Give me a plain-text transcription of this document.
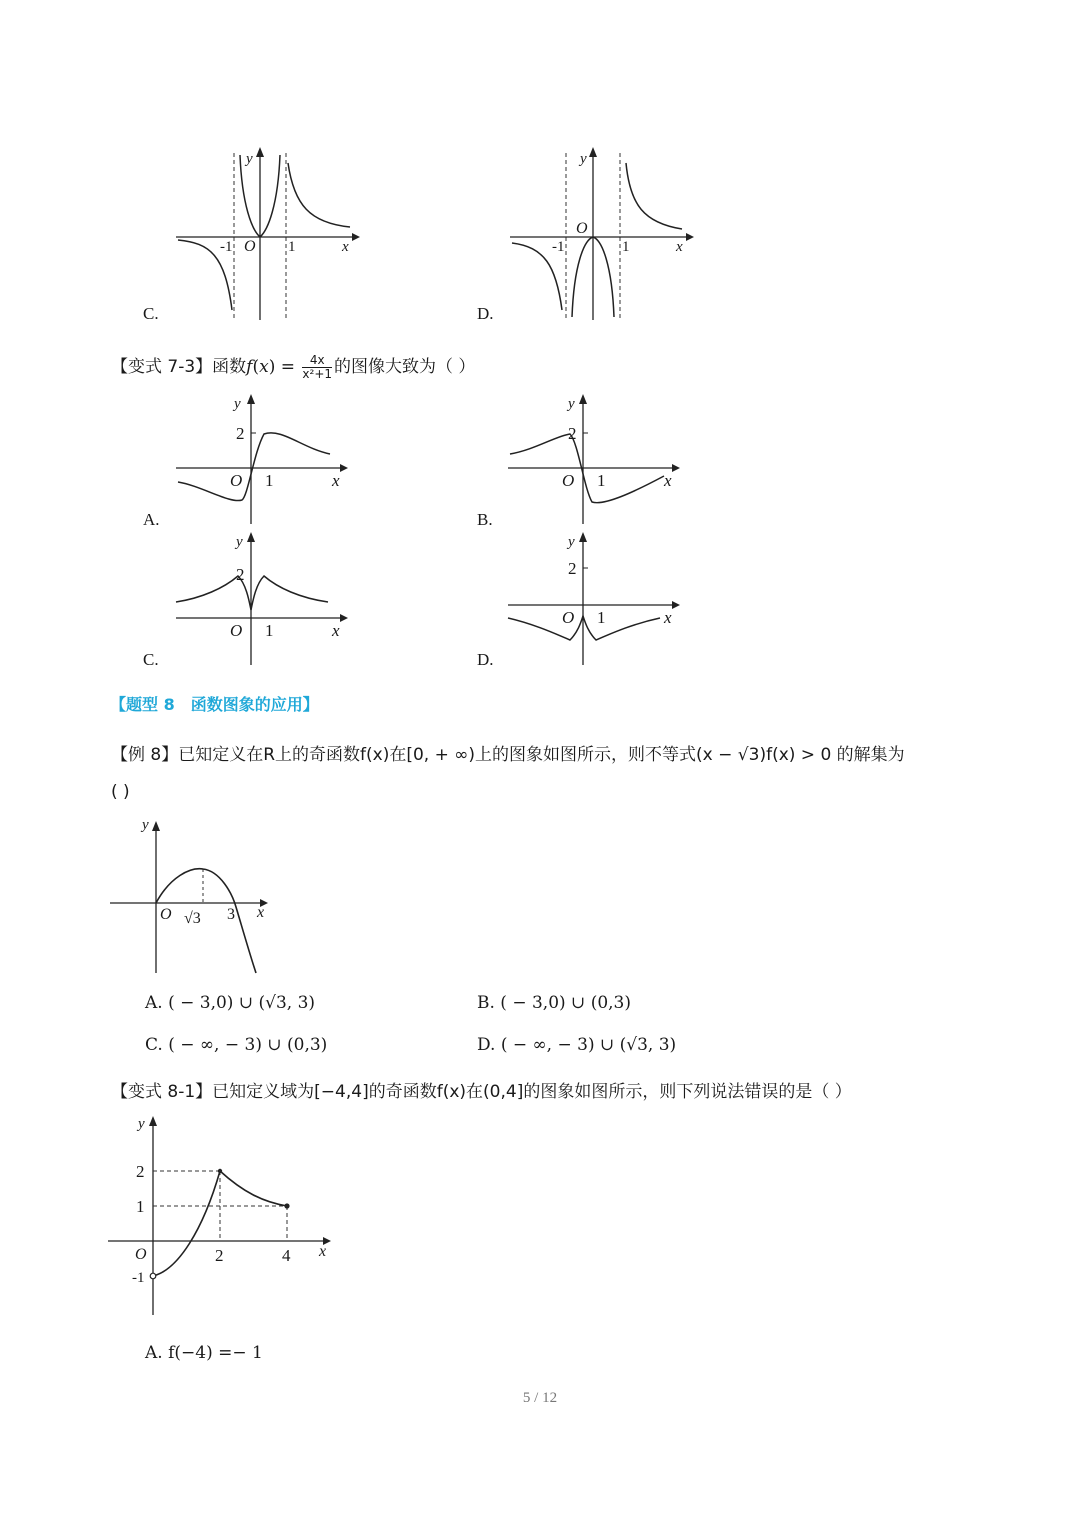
y
-1 O 1	x
C.
y
O
-1	1	x
D.
【变式 7-3】函数$f(x) = \frac{4x}{\text{x²+1}}$ 的图像大致为（ ）
y
2
O 1	x
A.
y
2
O 1	x
B.
y
2
O 1	x
C.
y
2
O 1	x
D.
【题型 8　函数图象的应用】
【例 8】已知定义在R上的奇函数f(x)在[0, + ∞)上的图象如图所示，则不等式(x − √3)f(x) > 0 的解集为
( )
y
O √3 3 x
A. ( − 3,0) ∪ (√3, 3)	B. ( − 3,0) ∪ (0,3)
C. ( − ∞, − 3) ∪ (0,3)	D. ( − ∞, − 3) ∪ (√3, 3)
【变式 8-1】已知定义域为[−4,4]的奇函数f(x)在(0,4]的图象如图所示，则下列说法错误的是（ ）
y
2
1
O
-1
2	4 x
A. f(−4) =− 1
5 / 12
